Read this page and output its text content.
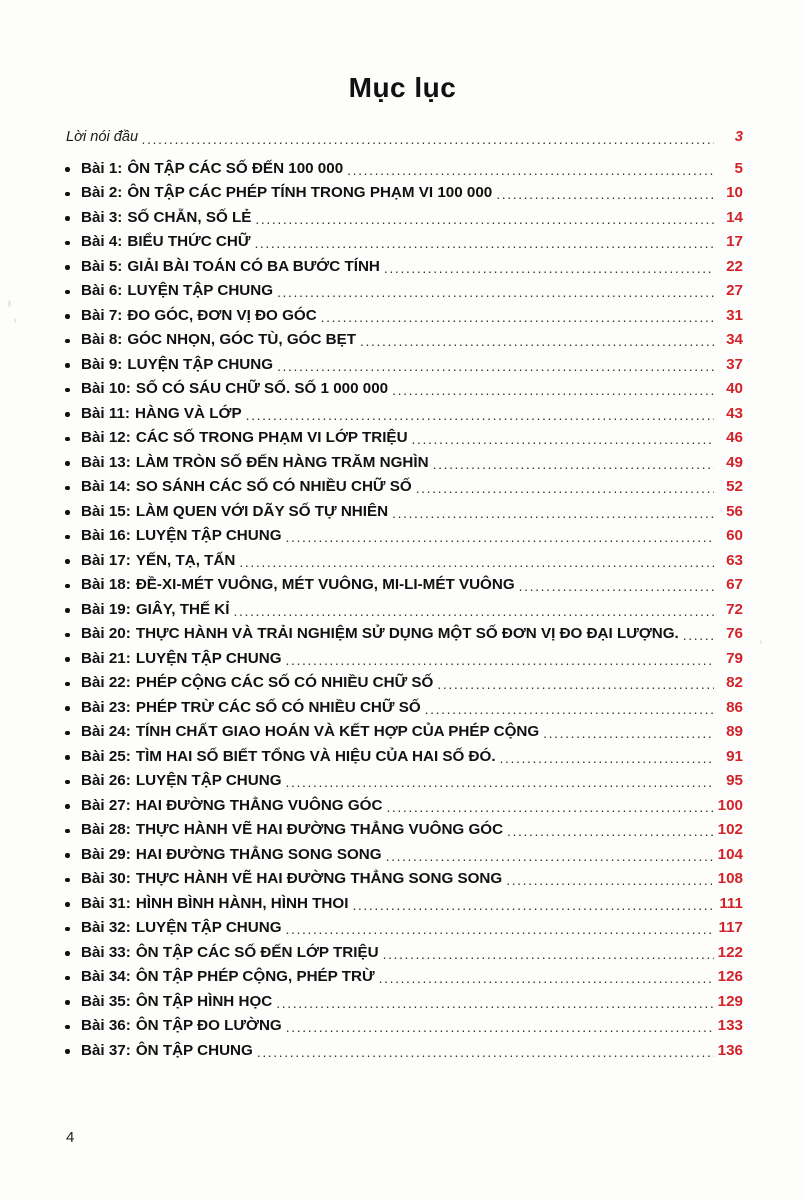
Mục lục
Lời nói đầu .....	3
Bài 1: ÔN TẬP CÁC SỐ ĐẾN 100 000 .....	5
Bài 2: ÔN TẬP CÁC PHÉP TÍNH TRONG PHẠM VI 100 000 .....	10
Bài 3: SỐ CHẴN, SỐ LẺ .....	14
Bài 4: BIỂU THỨC CHỮ .....	17
Bài 5: GIẢI BÀI TOÁN CÓ BA BƯỚC TÍNH .....	22
Bài 6: LUYỆN TẬP CHUNG .....	27
Bài 7: ĐO GÓC, ĐƠN VỊ ĐO GÓC .....	31
Bài 8: GÓC NHỌN, GÓC TÙ, GÓC BẸT .....	34
Bài 9: LUYỆN TẬP CHUNG .....	37
Bài 10: SỐ CÓ SÁU CHỮ SỐ. SỐ 1 000 000 .....	40
Bài 11: HÀNG VÀ LỚP .....	43
Bài 12: CÁC SỐ TRONG PHẠM VI LỚP TRIỆU .....	46
Bài 13: LÀM TRÒN SỐ ĐẾN HÀNG TRĂM NGHÌN .....	49
Bài 14: SO SÁNH CÁC SỐ CÓ NHIỀU CHỮ SỐ .....	52
Bài 15: LÀM QUEN VỚI DÃY SỐ TỰ NHIÊN .....	56
Bài 16: LUYỆN TẬP CHUNG .....	60
Bài 17: YẾN, TẠ, TẤN .....	63
Bài 18: ĐỀ-XI-MÉT VUÔNG, MÉT VUÔNG, MI-LI-MÉT VUÔNG .....	67
Bài 19: GIÂY, THẾ KỈ .....	72
Bài 20: THỰC HÀNH VÀ TRẢI NGHIỆM SỬ DỤNG MỘT SỐ ĐƠN VỊ ĐO ĐẠI LƯỢNG. .....	76
Bài 21: LUYỆN TẬP CHUNG .....	79
Bài 22: PHÉP CỘNG CÁC SỐ CÓ NHIỀU CHỮ SỐ .....	82
Bài 23: PHÉP TRỪ CÁC SỐ CÓ NHIỀU CHỮ SỐ .....	86
Bài 24: TÍNH CHẤT GIAO HOÁN VÀ KẾT HỢP CỦA PHÉP CỘNG .....	89
Bài 25: TÌM HAI SỐ BIẾT TỔNG VÀ HIỆU CỦA HAI SỐ ĐÓ. .....	91
Bài 26: LUYỆN TẬP CHUNG .....	95
Bài 27: HAI ĐƯỜNG THẲNG VUÔNG GÓC .....	100
Bài 28: THỰC HÀNH VẼ HAI ĐƯỜNG THẲNG VUÔNG GÓC .....	102
Bài 29: HAI ĐƯỜNG THẲNG SONG SONG .....	104
Bài 30: THỰC HÀNH VẼ HAI ĐƯỜNG THẲNG SONG SONG .....	108
Bài 31: HÌNH BÌNH HÀNH, HÌNH THOI .....	111
Bài 32: LUYỆN TẬP CHUNG .....	117
Bài 33: ÔN TẬP CÁC SỐ ĐẾN LỚP TRIỆU .....	122
Bài 34: ÔN TẬP PHÉP CỘNG, PHÉP TRỪ .....	126
Bài 35: ÔN TẬP HÌNH HỌC .....	129
Bài 36: ÔN TẬP ĐO LƯỜNG .....	133
Bài 37: ÔN TẬP CHUNG .....	136
4
